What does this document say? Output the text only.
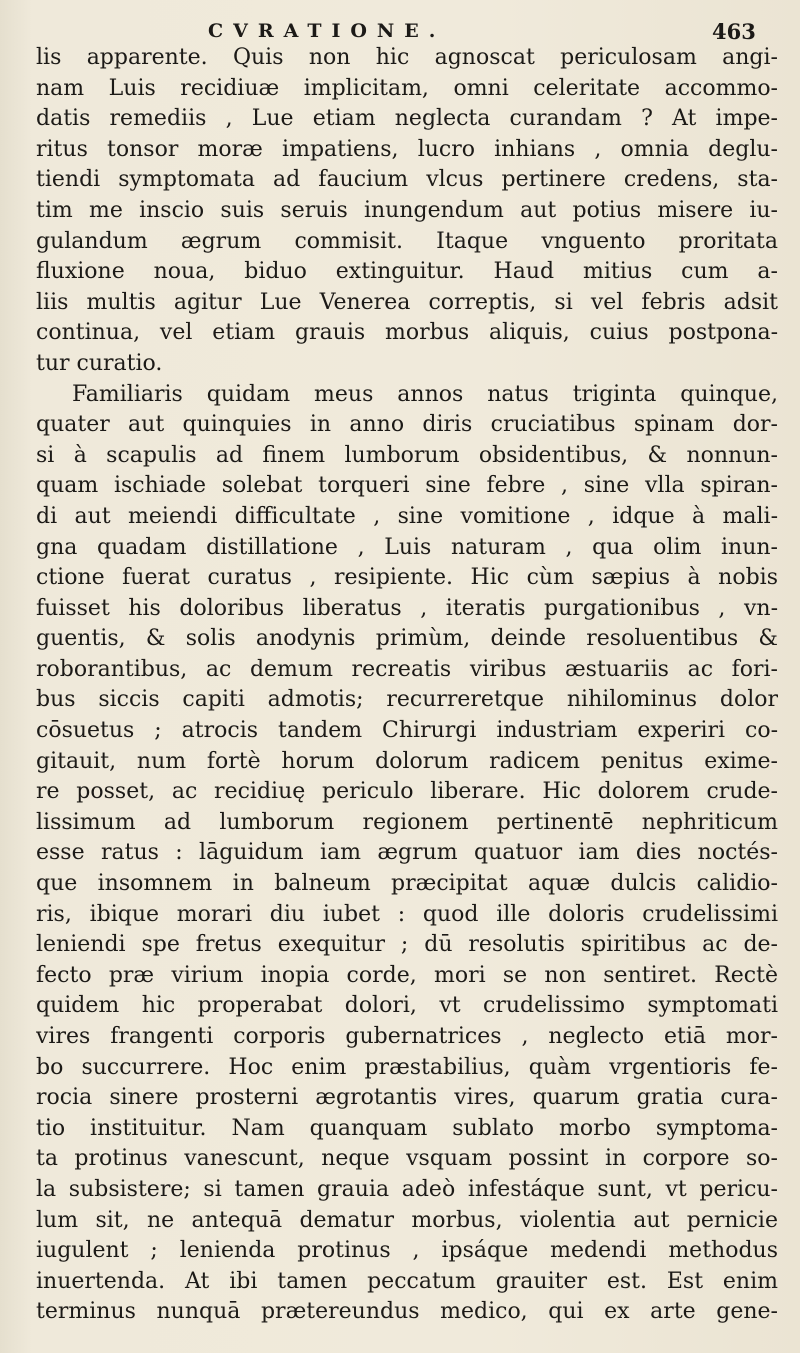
CVRATIONE.	463
lis apparente. Quis non hic agnoscat periculosam angi-
nam Luis recidiuæ implicitam, omni celeritate accommo-
datis remediis , Lue etiam neglecta curandam ? At impe-
ritus tonsor moræ impatiens, lucro inhians , omnia deglu-
tiendi symptomata ad faucium vlcus pertinere credens, sta-
tim me inscio suis seruis inungendum aut potius misere iu-
gulandum ægrum commisit. Itaque vnguento proritata
fluxione noua, biduo extinguitur. Haud mitius cum a-
liis multis agitur Lue Venerea correptis, si vel febris adsit
continua, vel etiam grauis morbus aliquis, cuius postpona-
tur curatio.
Familiaris quidam meus annos natus triginta quinque,
quater aut quinquies in anno diris cruciatibus spinam dor-
si à scapulis ad finem lumborum obsidentibus, & nonnun-
quam ischiade solebat torqueri sine febre , sine vlla spiran-
di aut meiendi difficultate , sine vomitione , idque à mali-
gna quadam distillatione , Luis naturam , qua olim inun-
ctione fuerat curatus , resipiente. Hic cùm sæpius à nobis
fuisset his doloribus liberatus , iteratis purgationibus , vn-
guentis, & solis anodynis primùm, deinde resoluentibus &
roborantibus, ac demum recreatis viribus æstuariis ac fori-
bus siccis capiti admotis; recurreretque nihilominus dolor
cōsuetus ; atrocis tandem Chirurgi industriam experiri co-
gitauit, num fortè horum dolorum radicem penitus exime-
re posset, ac recidiuę periculo liberare. Hic dolorem crude-
lissimum ad lumborum regionem pertinentē nephriticum
esse ratus : lāguidum iam ægrum quatuor iam dies noctés-
que insomnem in balneum præcipitat aquæ dulcis calidio-
ris, ibique morari diu iubet : quod ille doloris crudelissimi
leniendi spe fretus exequitur ; dū resolutis spiritibus ac de-
fecto præ virium inopia corde, mori se non sentiret. Rectè
quidem hic properabat dolori, vt crudelissimo symptomati
vires frangenti corporis gubernatrices , neglecto etiā mor-
bo succurrere. Hoc enim præstabilius, quàm vrgentioris fe-
rocia sinere prosterni ægrotantis vires, quarum gratia cura-
tio instituitur. Nam quanquam sublato morbo symptoma-
ta protinus vanescunt, neque vsquam possint in corpore so-
la subsistere; si tamen grauia adeò infestáque sunt, vt pericu-
lum sit, ne antequā dematur morbus, violentia aut pernicie
iugulent ; lenienda protinus , ipsáque medendi methodus
inuertenda. At ibi tamen peccatum grauiter est. Est enim
terminus nunquā prætereundus medico, qui ex arte gene-
